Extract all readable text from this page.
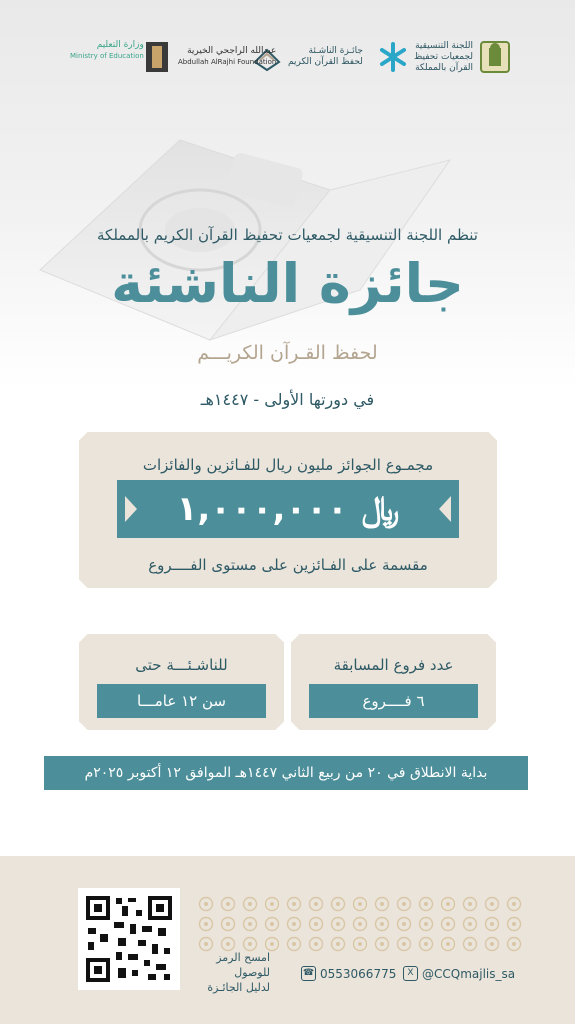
اللجنة التنسيقية
لجمعيات تحفيظ
القرآن بالمملكة
جائـزة الناشـئة
لحفظ القرآن الكريم
عبدالله الراجحي الخيرية
Abdullah AlRajhi Foundation
وزارة التعليم
Ministry of Education
تنظم اللجنة التنسيقية لجمعيات تحفيظ القرآن الكريم بالمملكة
جائزة الناشئة
لحفظ القـرآن الكريـــم
في دورتها الأولى - ١٤٤٧هـ
مجمـوع الجوائز مليون ريال للفـائزين والفائزات
١,٠٠٠,٠٠٠ ﷼
مقسمة على الفـائزين على مستوى الفــــروع
عدد فروع المسابقة
٦ فــــروع
للناشـئـــة حتى
سن ١٢ عامـــا
بداية الانطلاق في ٢٠ من ربيع الثاني ١٤٤٧هـ الموافق ١٢ أكتوبر ٢٠٢٥م
امسح الرمز للوصول
لدليل الجائـزة
☎ 0553066775	X @CCQmajlis_sa
